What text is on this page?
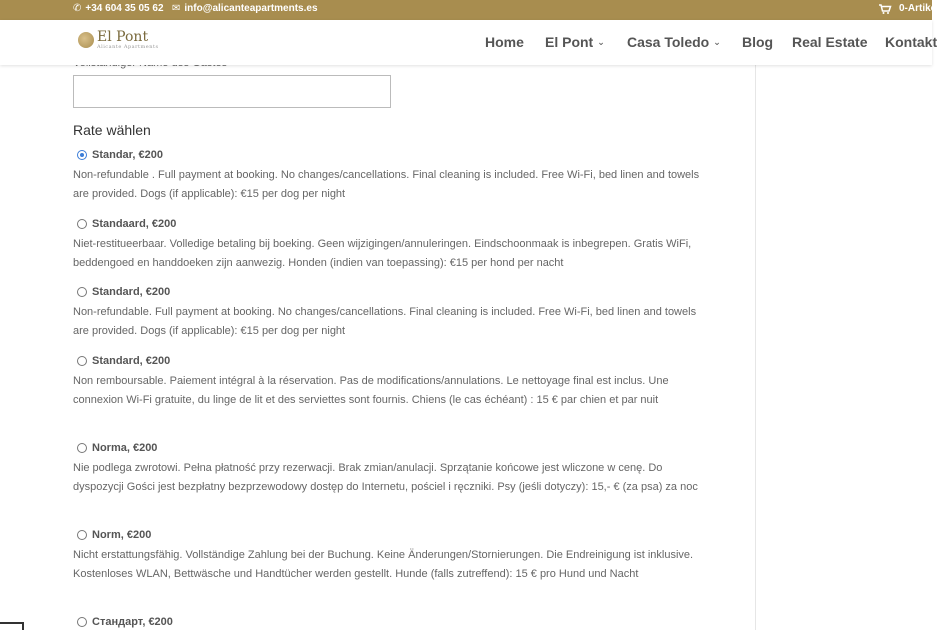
✆ +34 604 35 05 62 ✉ info@alicanteapartments.es	0-Artike
El Pont
Alicante Apartments	Home El Pont ⌄ Casa Toledo ⌄ Blog Real Estate Kontakt
Rate wählen
Standar, €200
Non-refundable . Full payment at booking. No changes/cancellations. Final cleaning is included. Free Wi-Fi, bed linen and towels are provided. Dogs (if applicable): €15 per dog per night
Standaard, €200
Niet-restitueerbaar. Volledige betaling bij boeking. Geen wijzigingen/annuleringen. Eindschoonmaak is inbegrepen. Gratis WiFi, beddengoed en handdoeken zijn aanwezig. Honden (indien van toepassing): €15 per hond per nacht
Standard, €200
Non-refundable. Full payment at booking. No changes/cancellations. Final cleaning is included. Free Wi-Fi, bed linen and towels are provided. Dogs (if applicable): €15 per dog per night
Standard, €200
Non remboursable. Paiement intégral à la réservation. Pas de modifications/annulations. Le nettoyage final est inclus. Une connexion Wi-Fi gratuite, du linge de lit et des serviettes sont fournis. Chiens (le cas échéant) : 15 € par chien et par nuit
Norma, €200
Nie podlega zwrotowi. Pełna płatność przy rezerwacji. Brak zmian/anulacji. Sprzątanie końcowe jest wliczone w cenę. Do dyspozycji Gości jest bezpłatny bezprzewodowy dostęp do Internetu, pościel i ręczniki. Psy (jeśli dotyczy): 15,- € (za psa) za noc
Norm, €200
Nicht erstattungsfähig. Vollständige Zahlung bei der Buchung. Keine Änderungen/Stornierungen. Die Endreinigung ist inklusive. Kostenloses WLAN, Bettwäsche und Handtücher werden gestellt. Hunde (falls zutreffend): 15 € pro Hund und Nacht
Стандарт, €200
